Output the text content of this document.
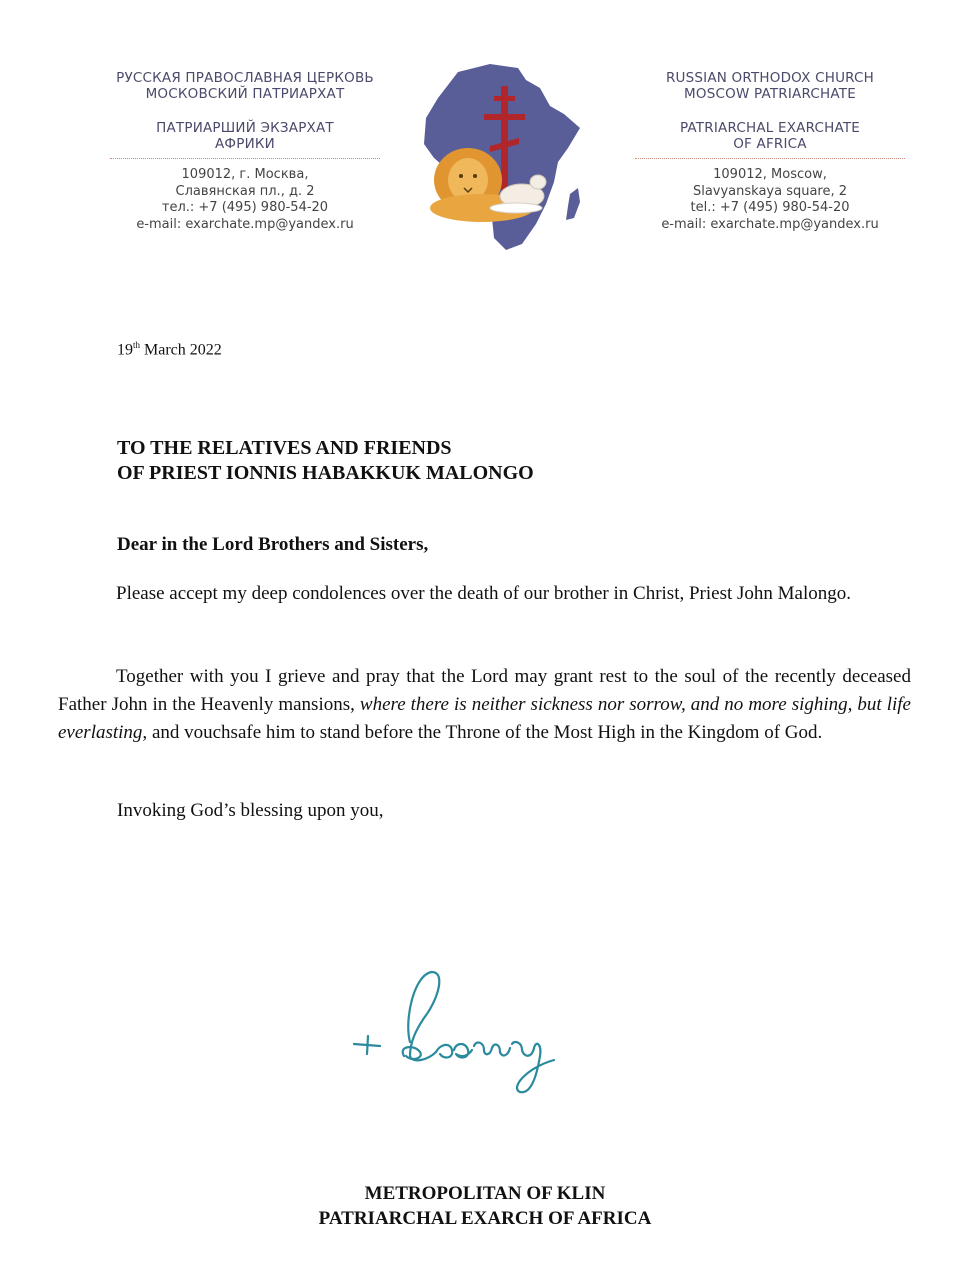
РУССКАЯ ПРАВОСЛАВНАЯ ЦЕРКОВЬ
МОСКОВСКИЙ ПАТРИАРХАТ
ПАТРИАРШИЙ ЭКЗАРХАТ
АФРИКИ
109012, г. Москва,
Славянская пл., д. 2
тел.: +7 (495) 980-54-20
e-mail: exarchate.mp@yandex.ru
RUSSIAN ORTHODOX CHURCH
MOSCOW PATRIARCHATE
PATRIARCHAL EXARCHATE
OF AFRICA
109012, Moscow,
Slavyanskaya square, 2
tel.: +7 (495) 980-54-20
e-mail: exarchate.mp@yandex.ru
19th March 2022
TO THE RELATIVES AND FRIENDS
OF PRIEST IONNIS HABAKKUK MALONGO
Dear in the Lord Brothers and Sisters,
Please accept my deep condolences over the death of our brother in Christ, Priest John Malongo.
Together with you I grieve and pray that the Lord may grant rest to the soul of the recently deceased Father John in the Heavenly mansions, where there is neither sickness nor sorrow, and no more sighing, but life everlasting, and vouchsafe him to stand before the Throne of the Most High in the Kingdom of God.
Invoking God’s blessing upon you,
METROPOLITAN OF KLIN
PATRIARCHAL EXARCH OF AFRICA
